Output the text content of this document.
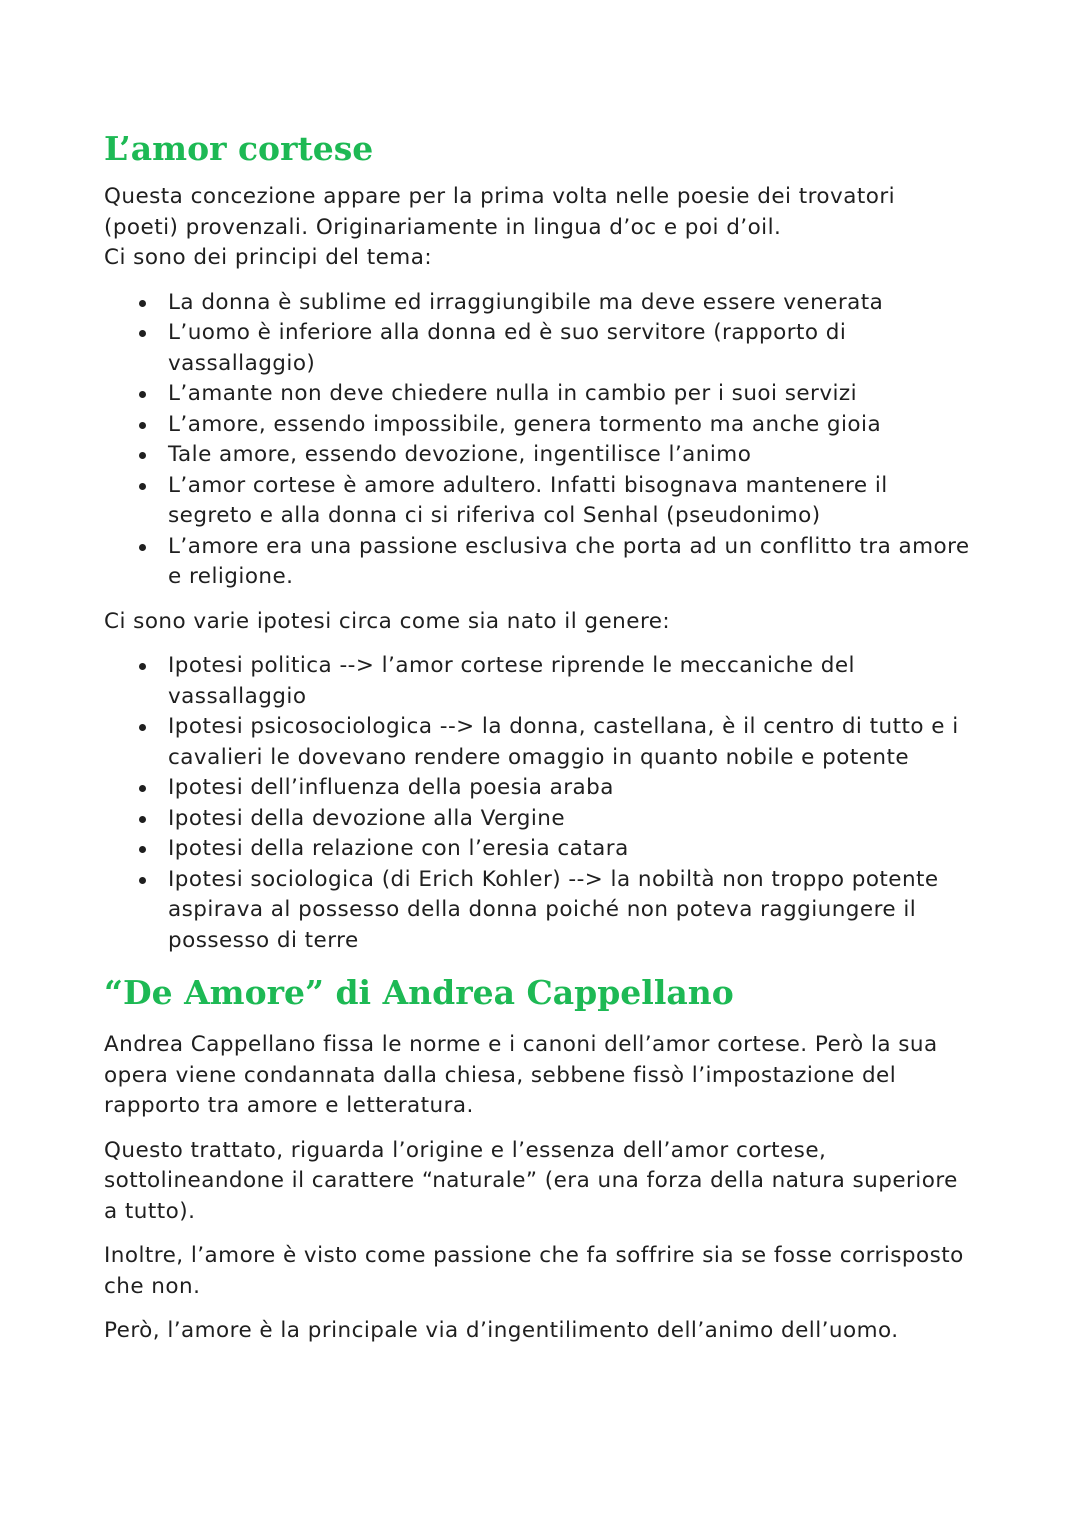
L’amor cortese

Questa concezione appare per la prima volta nelle poesie dei trovatori

(poeti) provenzali. Originariamente in lingua d’oc e poi d’oil.

Ci sono dei principi del tema:

La donna è sublime ed irraggiungibile ma deve essere venerata
L’uomo è inferiore alla donna ed è suo servitore (rapporto di vassallaggio)
L’amante non deve chiedere nulla in cambio per i suoi servizi
L’amore, essendo impossibile, genera tormento ma anche gioia
Tale amore, essendo devozione, ingentilisce l’animo
L’amor cortese è amore adultero. Infatti bisognava mantenere il segreto e alla donna ci si riferiva col Senhal (pseudonimo)
L’amore era una passione esclusiva che porta ad un conflitto tra amore e religione.

Ci sono varie ipotesi circa come sia nato il genere:

Ipotesi politica --> l’amor cortese riprende le meccaniche del vassallaggio
Ipotesi psicosociologica --> la donna, castellana, è il centro di tutto e i cavalieri le dovevano rendere omaggio in quanto nobile e potente
Ipotesi dell’influenza della poesia araba
Ipotesi della devozione alla Vergine
Ipotesi della relazione con l’eresia catara
Ipotesi sociologica (di Erich Kohler) --> la nobiltà non troppo potente aspirava al possesso della donna poiché non poteva raggiungere il possesso di terre
“De Amore” di Andrea Cappellano

Andrea Cappellano fissa le norme e i canoni dell’amor cortese. Però la sua opera viene condannata dalla chiesa, sebbene fissò l’impostazione del rapporto tra amore e letteratura.

Questo trattato, riguarda l’origine e l’essenza dell’amor cortese, sottolineandone il carattere “naturale” (era una forza della natura superiore a tutto).

Inoltre, l’amore è visto come passione che fa soffrire sia se fosse corrisposto che non.

Però, l’amore è la principale via d’ingentilimento dell’animo dell’uomo.
